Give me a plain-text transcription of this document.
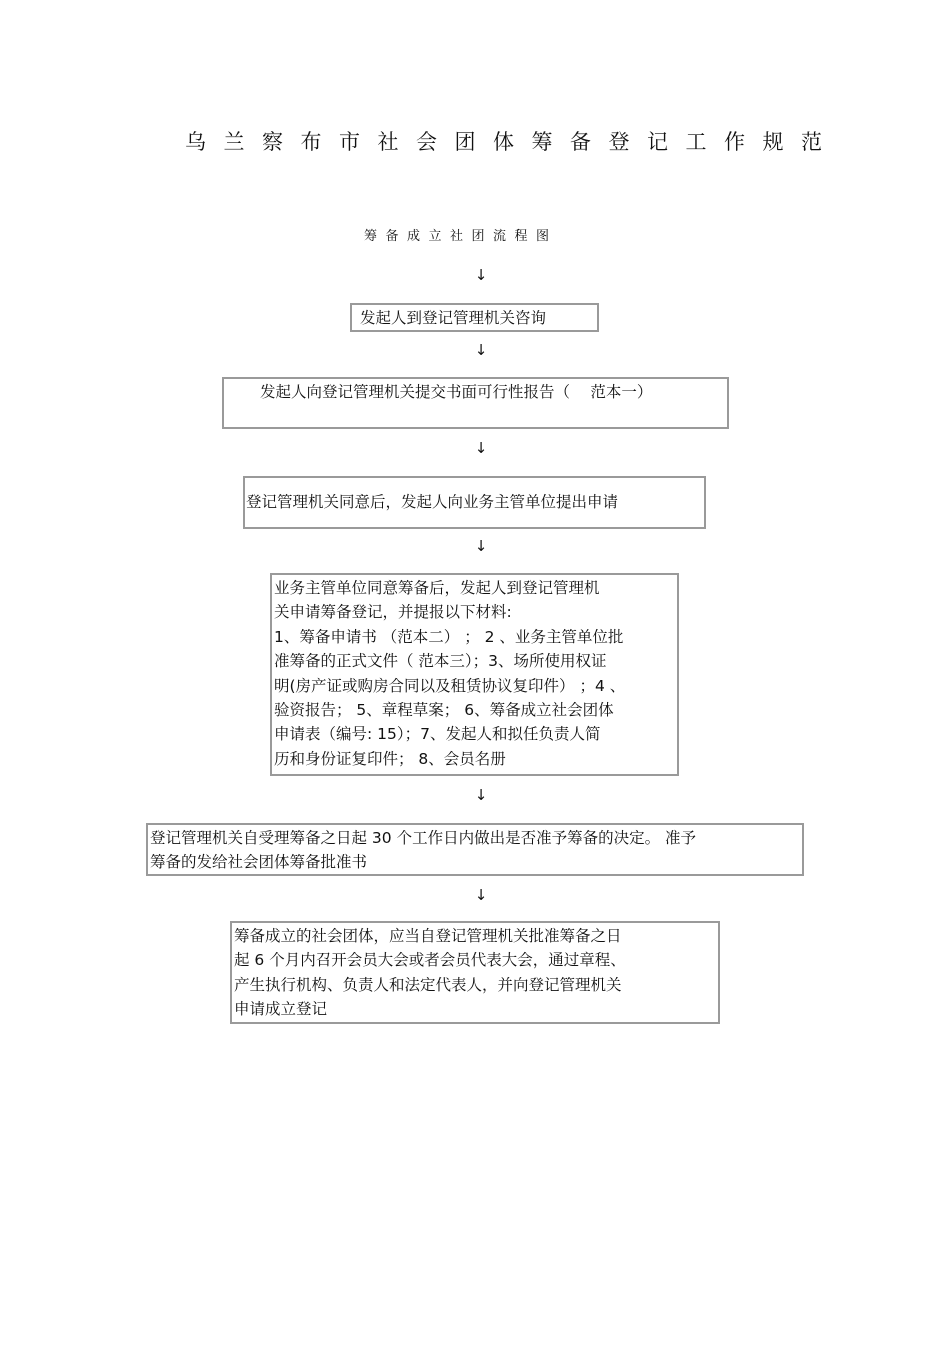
乌兰察布市社会团体筹备登记工作规范
筹备成立社团流程图
↓
↓
↓
↓
↓
↓
发起人到登记管理机关咨询
发起人向登记管理机关提交书面可行性报告（　 范本一）
登记管理机关同意后，发起人向业务主管单位提出申请
业务主管单位同意筹备后，发起人到登记管理机
关申请筹备登记，并提报以下材料:
1、筹备申请书 （范本二） ； 2 、业务主管单位批
准筹备的正式文件（ 范本三）；3、场所使用权证
明(房产证或购房合同以及租赁协议复印件） ；4 、
验资报告； 5、章程草案； 6、筹备成立社会团体
申请表（编号: 15）；7、发起人和拟任负责人简
历和身份证复印件； 8、会员名册
登记管理机关自受理筹备之日起 30 个工作日内做出是否准予筹备的决定。 准予
筹备的发给社会团体筹备批准书
筹备成立的社会团体，应当自登记管理机关批准筹备之日
起 6 个月内召开会员大会或者会员代表大会，通过章程、
产生执行机构、负责人和法定代表人，并向登记管理机关
申请成立登记
